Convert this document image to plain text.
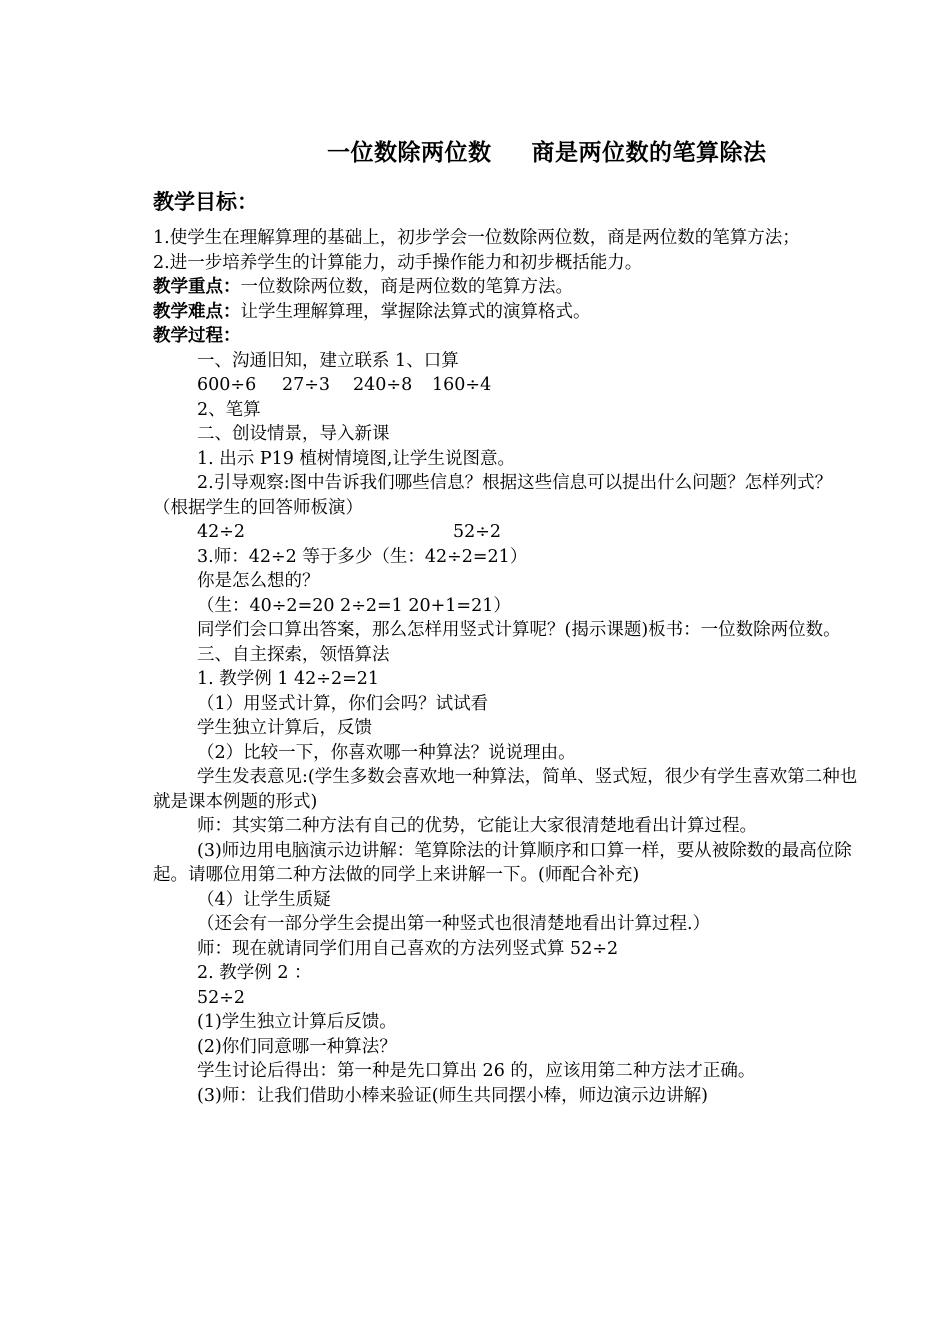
一位数除两位数 商是两位数的笔算除法
教学目标：

1.使学生在理解算理的基础上，初步学会一位数除两位数，商是两位数的笔算方法；

2.进一步培养学生的计算能力，动手操作能力和初步概括能力。

教学重点：一位数除两位数，商是两位数的笔算方法。

教学难点：让学生理解算理，掌握除法算式的演算格式。

教学过程：

一、沟通旧知，建立联系 1、口算

600÷6 27÷3 240÷8 160÷4

2、笔算

二、创设情景，导入新课

1. 出示 P19 植树情境图,让学生说图意。

2.引导观察:图中告诉我们哪些信息？根据这些信息可以提出什么问题？怎样列式？（根据学生的回答师板演）

42÷2	52÷2

3.师：42÷2 等于多少（生：42÷2=21）

你是怎么想的？

（生：40÷2=20 2÷2=1 20+1=21）

同学们会口算出答案，那么怎样用竖式计算呢？(揭示课题)板书：一位数除两位数。

三、自主探索，领悟算法

1. 教学例 1 42÷2=21

（1）用竖式计算，你们会吗？试试看

学生独立计算后，反馈

（2）比较一下，你喜欢哪一种算法？说说理由。

学生发表意见:(学生多数会喜欢地一种算法，简单、竖式短，很少有学生喜欢第二种也就是课本例题的形式)

师：其实第二种方法有自己的优势，它能让大家很清楚地看出计算过程。

(3)师边用电脑演示边讲解：笔算除法的计算顺序和口算一样，要从被除数的最高位除起。请哪位用第二种方法做的同学上来讲解一下。(师配合补充)

（4）让学生质疑

（还会有一部分学生会提出第一种竖式也很清楚地看出计算过程.）

师：现在就请同学们用自己喜欢的方法列竖式算 52÷2

2. 教学例 2 ：

52÷2

(1)学生独立计算后反馈。

(2)你们同意哪一种算法？

学生讨论后得出：第一种是先口算出 26 的，应该用第二种方法才正确。

(3)师：让我们借助小棒来验证(师生共同摆小棒，师边演示边讲解)
